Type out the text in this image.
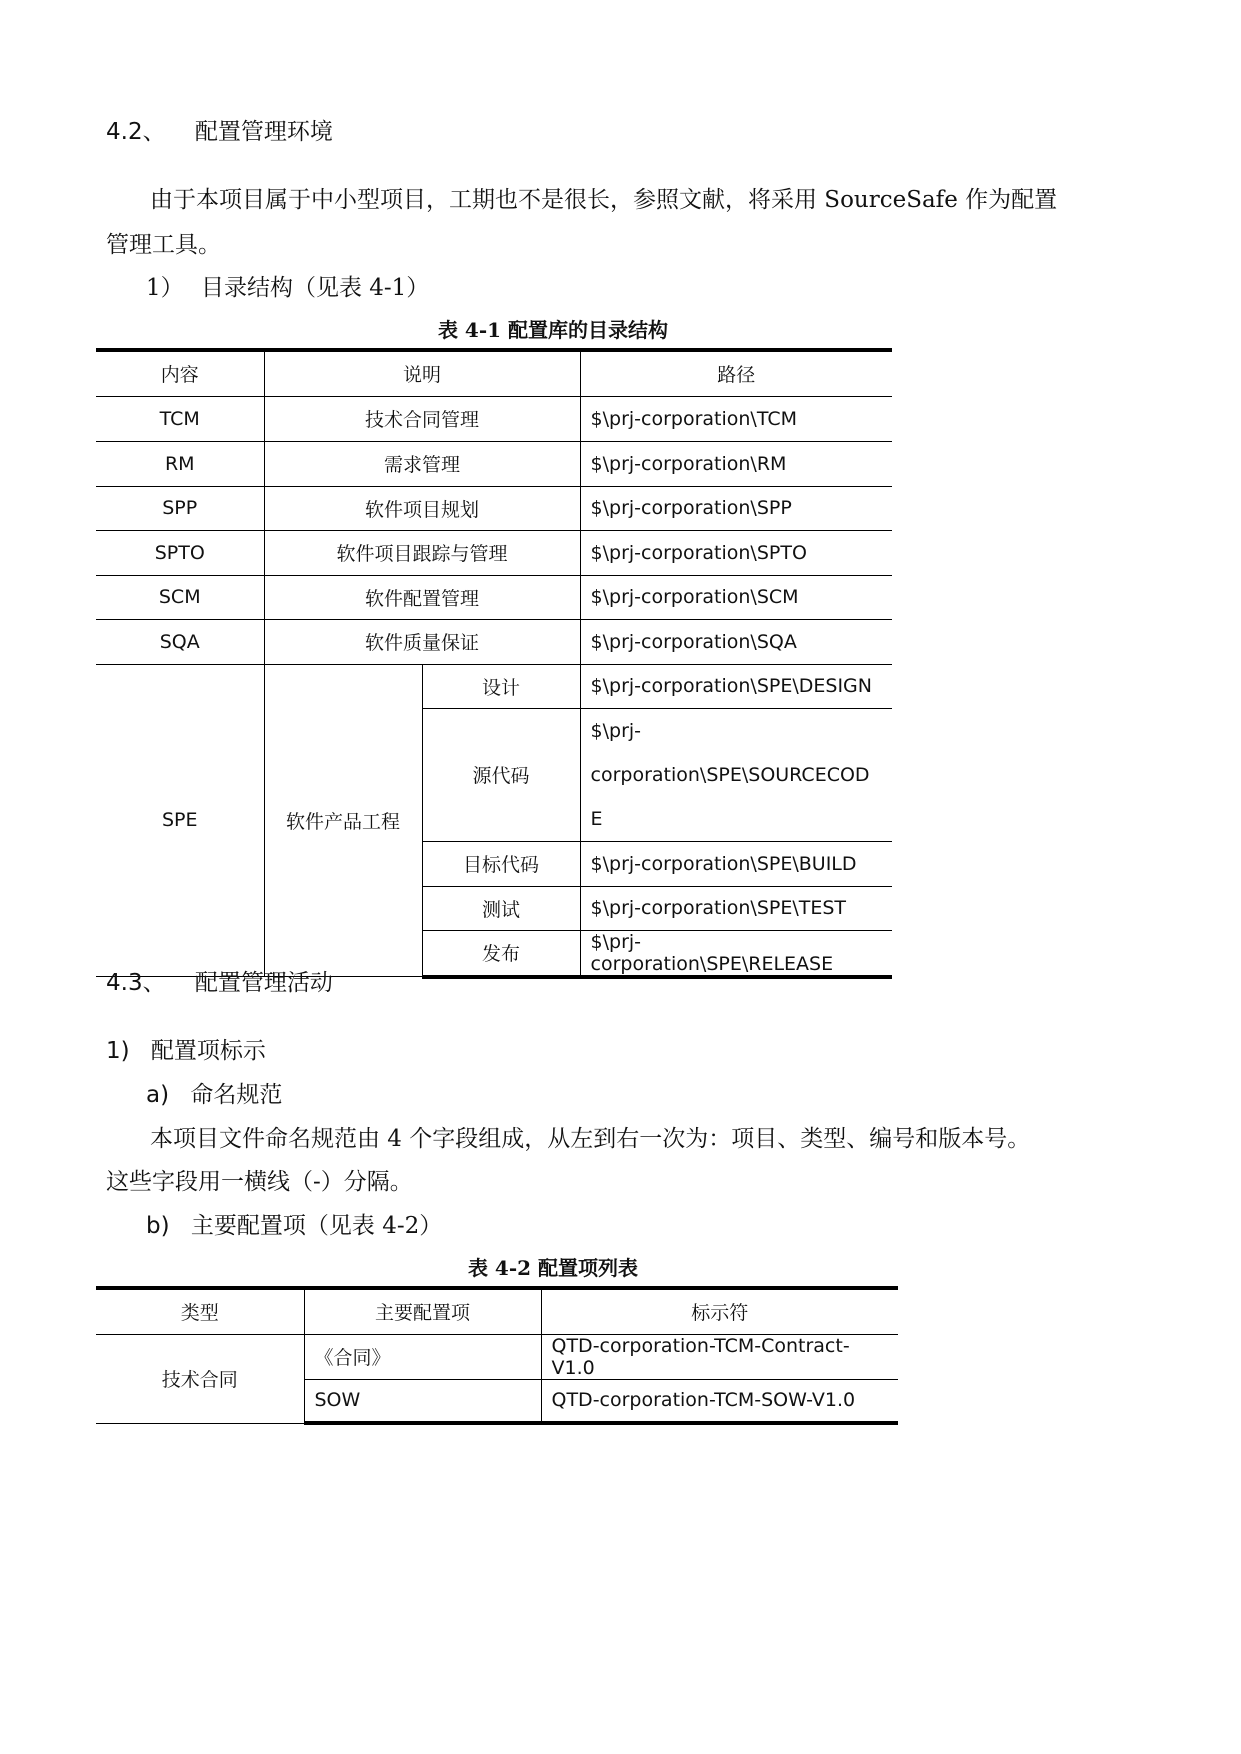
4.2、 配置管理环境
由于本项目属于中小型项目，工期也不是很长，参照文献，将采用 SourceSafe 作为配置
管理工具。
1） 目录结构（见表 4-1）
表 4-1 配置库的目录结构
内容	说明		路径
TCM	技术合同管理		$\prj-corporation\TCM
RM	需求管理		$\prj-corporation\RM
SPP	软件项目规划		$\prj-corporation\SPP
SPTO	软件项目跟踪与管理		$\prj-corporation\SPTO
SCM	软件配置管理		$\prj-corporation\SCM
SQA	软件质量保证		$\prj-corporation\SQA
SPE	软件产品工程	设计	$\prj-corporation\SPE\DESIGN
		源代码	$\prj-corporation\SPE\SOURCECOD
E

		目标代码	$\prj-corporation\SPE\BUILD
		测试	$\prj-corporation\SPE\TEST
		发布	$\prj-corporation\SPE\RELEASE
4.3、 配置管理活动
1) 配置项标示
a) 命名规范
本项目文件命名规范由 4 个字段组成，从左到右一次为：项目、类型、编号和版本号。
这些字段用一横线（-）分隔。
b) 主要配置项（见表 4-2）
表 4-2 配置项列表
类型	主要配置项	标示符
技术合同	《合同》	QTD-corporation-TCM-Contract-V1.0
	SOW	QTD-corporation-TCM-SOW-V1.0
